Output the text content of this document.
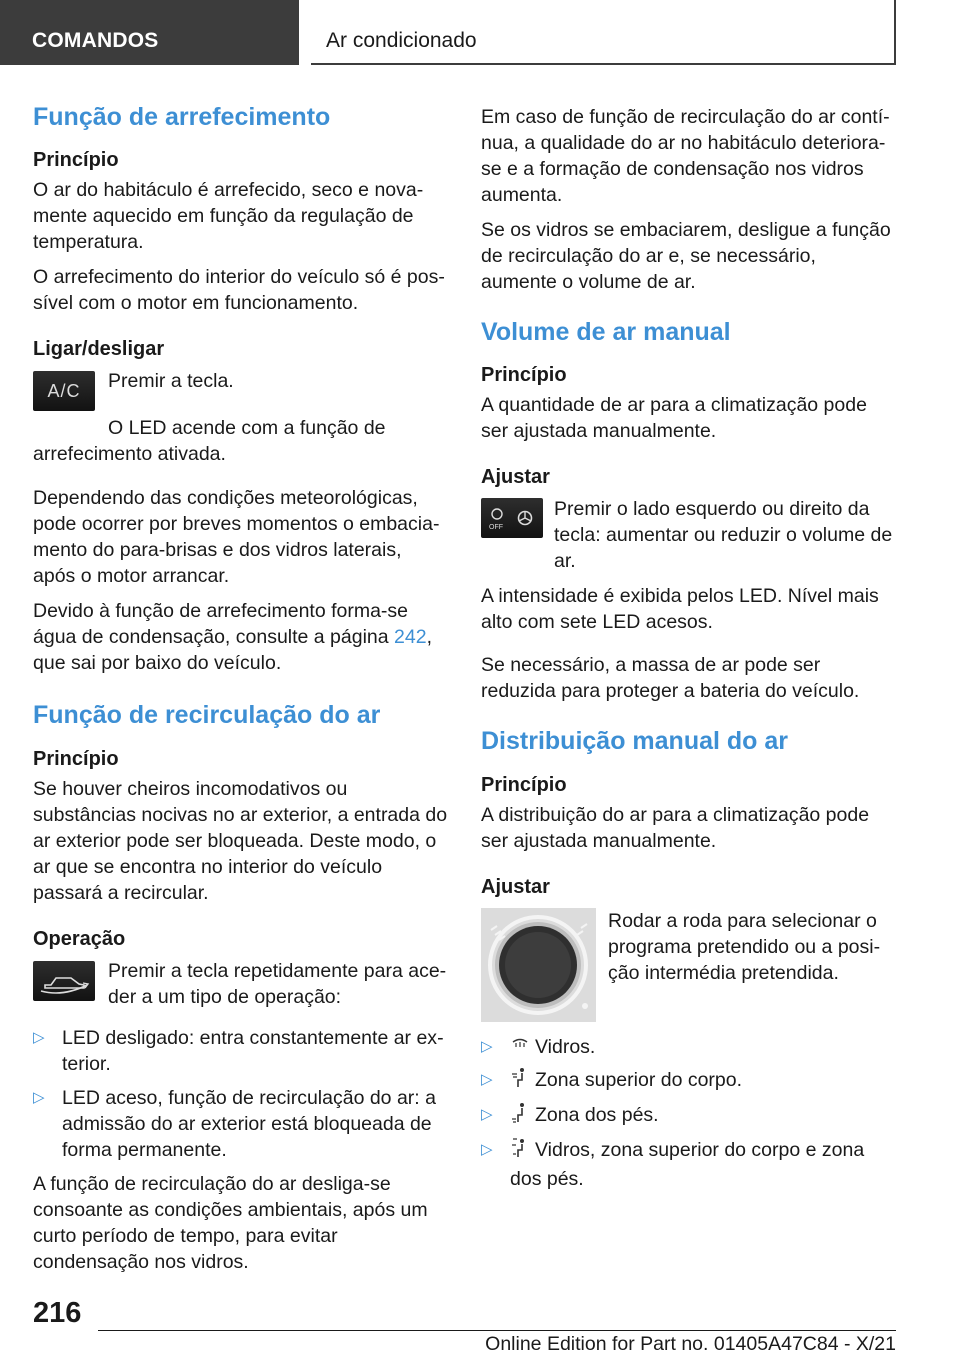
COMANDOS	Ar condicionado
Função de arrefecimento
Princípio

O ar do habitáculo é arrefecido, seco e novamente aquecido em função da regulação de temperatura.

O arrefecimento do interior do veículo só é possível com o motor em funcionamento.

Ligar/desligar
A/C	Premir a tecla.

O LED acende com a função de arrefecimento ativada.

Dependendo das condições meteorológicas, pode ocorrer por breves momentos o embaciamento do para-brisas e dos vidros laterais, após o motor arrancar.

Devido à função de arrefecimento forma-se água de condensação, consulte a página 242, que sai por baixo do veículo.

Função de recirculação do ar
Princípio

Se houver cheiros incomodativos ou substâncias nocivas no ar exterior, a entrada do ar exterior pode ser bloqueada. Deste modo, o ar que se encontra no interior do veículo passará a recircular.

Operação

Premir a tecla repetidamente para aceder a um tipo de operação:

▷ LED desligado: entra constantemente ar exterior.
▷ LED aceso, função de recirculação do ar: a admissão do ar exterior está bloqueada de forma permanente.

A função de recirculação do ar desliga-se consoante as condições ambientais, após um curto período de tempo, para evitar condensação nos vidros.

Em caso de função de recirculação do ar contínua, a qualidade do ar no habitáculo deteriora-se e a formação de condensação nos vidros aumenta.

Se os vidros se embaciarem, desligue a função de recirculação do ar e, se necessário, aumente o volume de ar.

Volume de ar manual
Princípio

A quantidade de ar para a climatização pode ser ajustada manualmente.

Ajustar
OFF

Premir o lado esquerdo ou direito da tecla: aumentar ou reduzir o volume de ar.

A intensidade é exibida pelos LED. Nível mais alto com sete LED acesos.

Se necessário, a massa de ar pode ser reduzida para proteger a bateria do veículo.

Distribuição manual do ar
Princípio

A distribuição do ar para a climatização pode ser ajustada manualmente.

Ajustar

Rodar a roda para selecionar o programa pretendido ou a posição intermédia pretendida.

▷ Vidros.
▷ Zona superior do corpo.
▷ Zona dos pés.
▷ Vidros, zona superior do corpo e zona dos pés.
216
Online Edition for Part no. 01405A47C84 - X/21
